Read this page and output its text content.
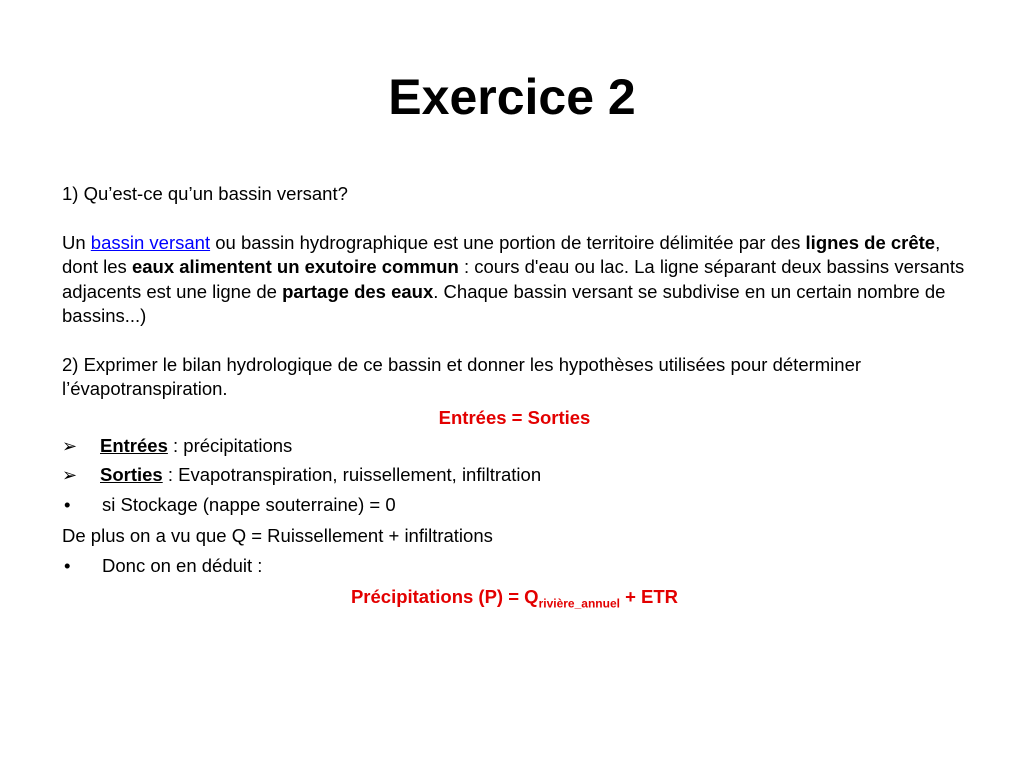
Exercice 2

1) Qu’est-ce qu’un bassin versant?

Un bassin versant ou bassin hydrographique est une portion de territoire délimitée par des lignes de crête, dont les eaux alimentent un exutoire commun : cours d'eau ou lac. La ligne séparant deux bassins versants adjacents est une ligne de partage des eaux. Chaque bassin versant se subdivise en un certain nombre de bassins...)

2) Exprimer le bilan hydrologique de ce bassin et donner les hypothèses utilisées pour déterminer l’évapotranspiration.

Entrées = Sorties

➢	Entrées : précipitations
➢	Sorties : Evapotranspiration, ruissellement, infiltration
•	si Stockage (nappe souterraine) = 0

De plus on a vu que Q = Ruissellement + infiltrations

•	Donc on en déduit :

Précipitations $(P) = Q_{rivière\_annuel}$ + ETR
